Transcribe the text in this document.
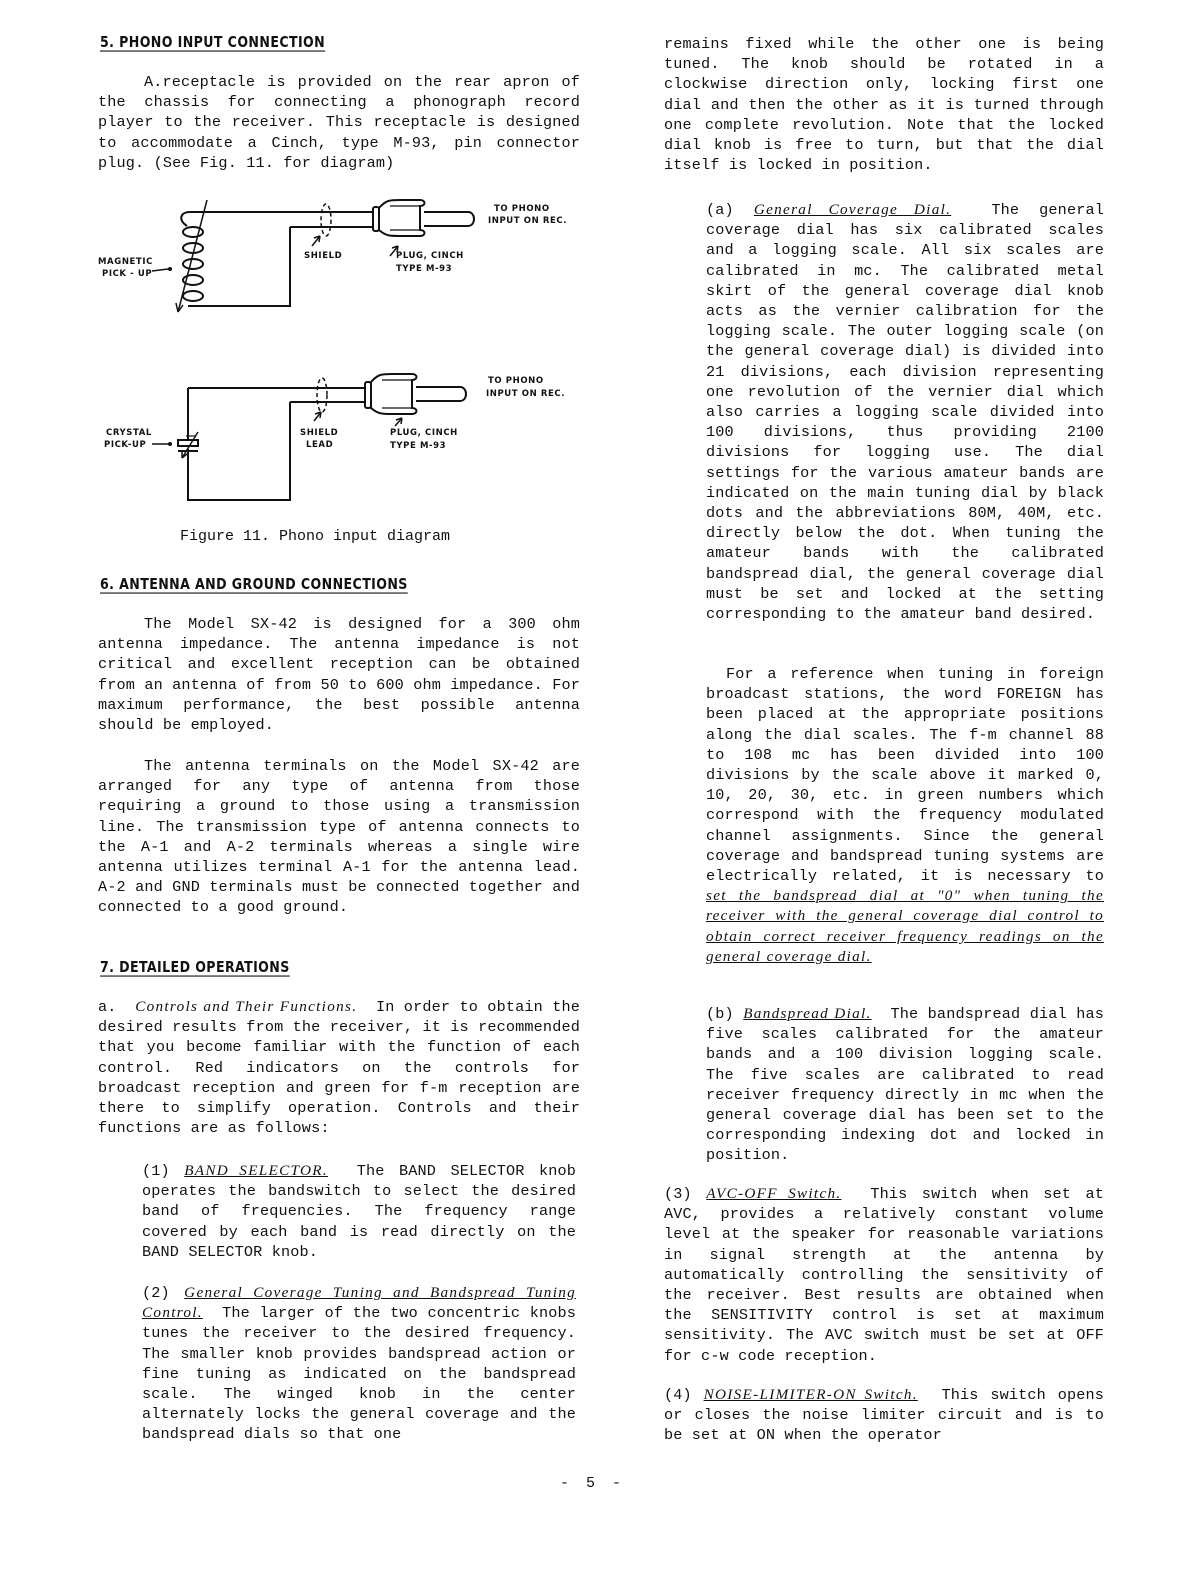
5. PHONO INPUT CONNECTION

A.receptacle is provided on the rear apron of the chassis for connecting a phonograph record player to the receiver. This receptacle is designed to accommodate a Cinch, type M-93, pin connector plug. (See Fig. 11. for diagram)

MAGNETIC
PICK - UP
SHIELD	PLUG, CINCH
TYPE M-93
TO PHONO
INPUT ON REC.
CRYSTAL
PICK-UP
SHIELD
LEAD
PLUG, CINCH
TYPE M-93
TO PHONO
INPUT ON REC.
Figure 11. Phono input diagram
6. ANTENNA AND GROUND CONNECTIONS

The Model SX-42 is designed for a 300 ohm antenna impedance. The antenna impedance is not critical and excellent reception can be obtained from an antenna of from 50 to 600 ohm impedance. For maximum performance, the best possible antenna should be employed.

The antenna terminals on the Model SX-42 are arranged for any type of antenna from those requiring a ground to those using a transmission line. The transmission type of antenna connects to the A-1 and A-2 terminals whereas a single wire antenna utilizes terminal A-1 for the antenna lead. A-2 and GND terminals must be connected together and connected to a good ground.

7. DETAILED OPERATIONS

a. Controls and Their Functions. In order to obtain the desired results from the receiver, it is recommended that you become familiar with the function of each control. Red indicators on the controls for broadcast reception and green for f-m reception are there to simplify operation. Controls and their functions are as follows:

(1) BAND SELECTOR. The BAND SELECTOR knob operates the bandswitch to select the desired band of frequencies. The frequency range covered by each band is read directly on the BAND SELECTOR knob.

(2) General Coverage Tuning and Bandspread Tuning Control. The larger of the two concentric knobs tunes the receiver to the desired frequency. The smaller knob provides bandspread action or fine tuning as indicated on the bandspread scale. The winged knob in the center alternately locks the general coverage and the bandspread dials so that one

remains fixed while the other one is being tuned. The knob should be rotated in a clockwise direction only, locking first one dial and then the other as it is turned through one complete revolution. Note that the locked dial knob is free to turn, but that the dial itself is locked in position.

(a) General Coverage Dial.	The general coverage dial has six calibrated scales and a logging scale. All six scales are calibrated in mc. The calibrated metal skirt of the general coverage dial knob acts as the vernier calibration for the logging scale. The outer logging scale (on the general coverage dial) is divided into 21 divisions, each division representing one revolution of the vernier dial which also carries a logging scale divided into 100 divisions, thus providing 2100 divisions for logging use. The dial settings for the various amateur bands are indicated on the main tuning dial by black dots and the abbreviations 80M, 40M, etc. directly below the dot. When tuning the amateur bands with the calibrated bandspread dial, the general coverage dial must be set and locked at the setting corresponding to the amateur band desired.

For a reference when tuning in foreign broadcast stations, the word FOREIGN has been placed at the appropriate positions along the dial scales. The f-m channel 88 to 108 mc has been divided into 100 divisions by the scale above it marked 0, 10, 20, 30, etc. in green numbers which correspond with the frequency modulated channel assignments. Since the general coverage and bandspread tuning systems are electrically related, it is necessary to set the bandspread dial at "0" when tuning the receiver with the general coverage dial control to obtain correct receiver frequency readings on the general coverage dial.

(b) Bandspread Dial. The bandspread dial has five scales calibrated for the amateur bands and a 100 division logging scale. The five scales are calibrated to read receiver frequency directly in mc when the general coverage dial has been set to the corresponding indexing dot and locked in position.

(3) AVC-OFF Switch. This switch when set at AVC, provides a relatively constant volume level at the speaker for reasonable variations in signal strength at the antenna by automatically controlling the sensitivity of the receiver. Best results are obtained when the SENSITIVITY control is set at maximum sensitivity. The AVC switch must be set at OFF for c-w code reception.

(4) NOISE-LIMITER-ON Switch. This switch opens or closes the noise limiter circuit and is to be set at ON when the operator

- 5 -
